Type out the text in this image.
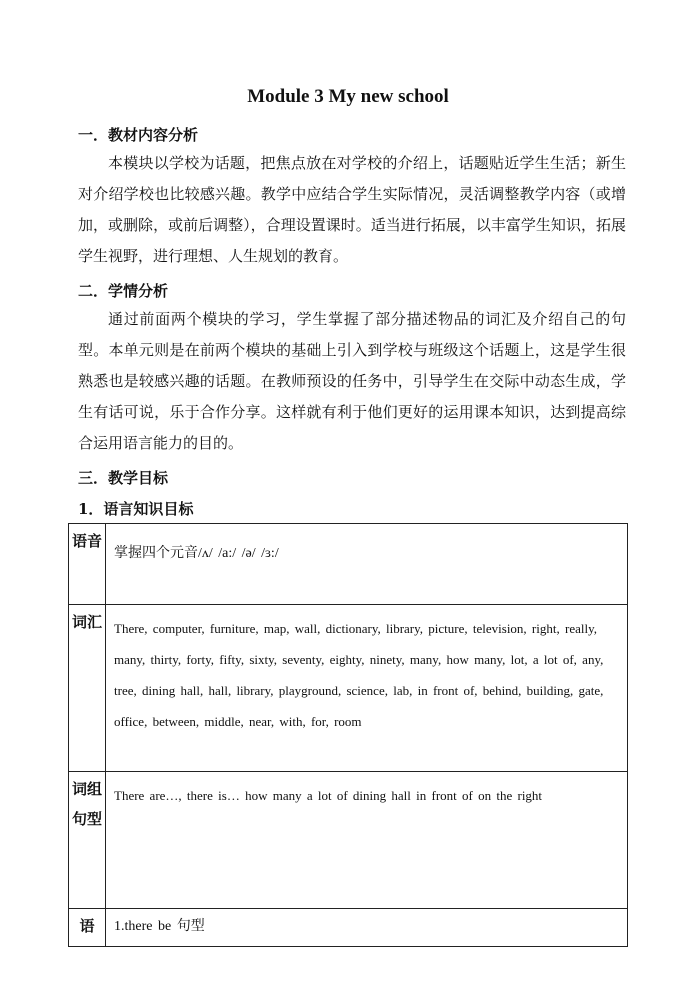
Module 3 My new school
一．教材内容分析
本模块以学校为话题，把焦点放在对学校的介绍上，话题贴近学生生活；新生对介绍学校也比较感兴趣。教学中应结合学生实际情况，灵活调整教学内容（或增加，或删除，或前后调整），合理设置课时。适当进行拓展，以丰富学生知识，拓展学生视野，进行理想、人生规划的教育。
二．学情分析
通过前面两个模块的学习，学生掌握了部分描述物品的词汇及介绍自己的句型。本单元则是在前两个模块的基础上引入到学校与班级这个话题上，这是学生很熟悉也是较感兴趣的话题。在教师预设的任务中，引导学生在交际中动态生成，学生有话可说，乐于合作分享。这样就有利于他们更好的运用课本知识，达到提高综合运用语言能力的目的。
三．教学目标
1．语言知识目标
语音	掌握四个元音/ʌ/ /a:/ /ə/ /ɜ:/
词汇	There, computer, furniture, map, wall, dictionary, library, picture, television, right, really, many, thirty, forty, fifty, sixty, seventy, eighty, ninety, many, how many, lot, a lot of, any, tree, dining hall, hall, library, playground, science, lab, in front of, behind, building, gate, office, between, middle, near, with, for, room
词组句型	There are…, there is… how many a lot of dining hall in front of on the right
语	1.there be 句型
